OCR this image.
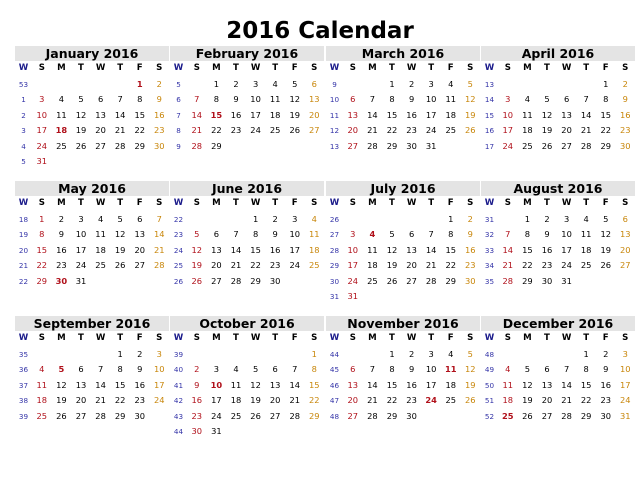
2016 Calendar
January 2016
W	S	M	T	W	T	F	S
53						1	2
1	3	4	5	6	7	8	9
2	10	11	12	13	14	15	16
3	17	18	19	20	21	22	23
4	24	25	26	27	28	29	30
5	31						
February 2016
W	S	M	T	W	T	F	S
5		1	2	3	4	5	6
6	7	8	9	10	11	12	13
7	14	15	16	17	18	19	20
8	21	22	23	24	25	26	27
9	28	29					

March 2016
W	S	M	T	W	T	F	S
9			1	2	3	4	5
10	6	7	8	9	10	11	12
11	13	14	15	16	17	18	19
12	20	21	22	23	24	25	26
13	27	28	29	30	31		

April 2016
W	S	M	T	W	T	F	S
13						1	2
14	3	4	5	6	7	8	9
15	10	11	12	13	14	15	16
16	17	18	19	20	21	22	23
17	24	25	26	27	28	29	30

May 2016
W	S	M	T	W	T	F	S
18	1	2	3	4	5	6	7
19	8	9	10	11	12	13	14
20	15	16	17	18	19	20	21
21	22	23	24	25	26	27	28
22	29	30	31				

June 2016
W	S	M	T	W	T	F	S
22				1	2	3	4
23	5	6	7	8	9	10	11
24	12	13	14	15	16	17	18
25	19	20	21	22	23	24	25
26	26	27	28	29	30		

July 2016
W	S	M	T	W	T	F	S
26						1	2
27	3	4	5	6	7	8	9
28	10	11	12	13	14	15	16
29	17	18	19	20	21	22	23
30	24	25	26	27	28	29	30
31	31						
August 2016
W	S	M	T	W	T	F	S
31		1	2	3	4	5	6
32	7	8	9	10	11	12	13
33	14	15	16	17	18	19	20
34	21	22	23	24	25	26	27
35	28	29	30	31			

September 2016
W	S	M	T	W	T	F	S
35					1	2	3
36	4	5	6	7	8	9	10
37	11	12	13	14	15	16	17
38	18	19	20	21	22	23	24
39	25	26	27	28	29	30	

October 2016
W	S	M	T	W	T	F	S
39							1
40	2	3	4	5	6	7	8
41	9	10	11	12	13	14	15
42	16	17	18	19	20	21	22
43	23	24	25	26	27	28	29
44	30	31					
November 2016
W	S	M	T	W	T	F	S
44			1	2	3	4	5
45	6	7	8	9	10	11	12
46	13	14	15	16	17	18	19
47	20	21	22	23	24	25	26
48	27	28	29	30			

December 2016
W	S	M	T	W	T	F	S
48					1	2	3
49	4	5	6	7	8	9	10
50	11	12	13	14	15	16	17
51	18	19	20	21	22	23	24
52	25	26	27	28	29	30	31
